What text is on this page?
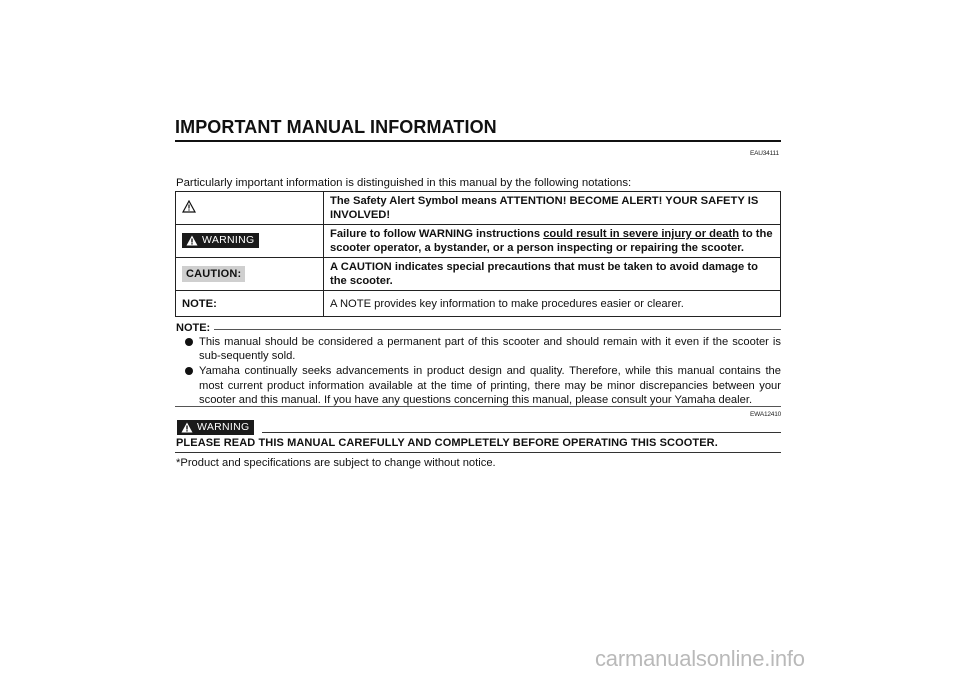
IMPORTANT MANUAL INFORMATION
EAU34111
Particularly important information is distinguished in this manual by the following notations:
	The Safety Alert Symbol means ATTENTION! BECOME ALERT! YOUR SAFETY IS INVOLVED!

WARNING	Failure to follow WARNING instructions could result in severe injury or death to the scooter operator, a bystander, or a person inspecting or repairing the scooter.
CAUTION:	A CAUTION indicates special precautions that must be taken to avoid damage to the scooter.
NOTE:	A NOTE provides key information to make procedures easier or clearer.
NOTE:
This manual should be considered a permanent part of this scooter and should remain with it even if the scooter is sub-sequently sold.
Yamaha continually seeks advancements in product design and quality. Therefore, while this manual contains the most current product information available at the time of printing, there may be minor discrepancies between your scooter and this manual. If you have any questions concerning this manual, please consult your Yamaha dealer.
EWA12410
WARNING
PLEASE READ THIS MANUAL CAREFULLY AND COMPLETELY BEFORE OPERATING THIS SCOOTER.
*Product and specifications are subject to change without notice.
carmanualsonline.info
